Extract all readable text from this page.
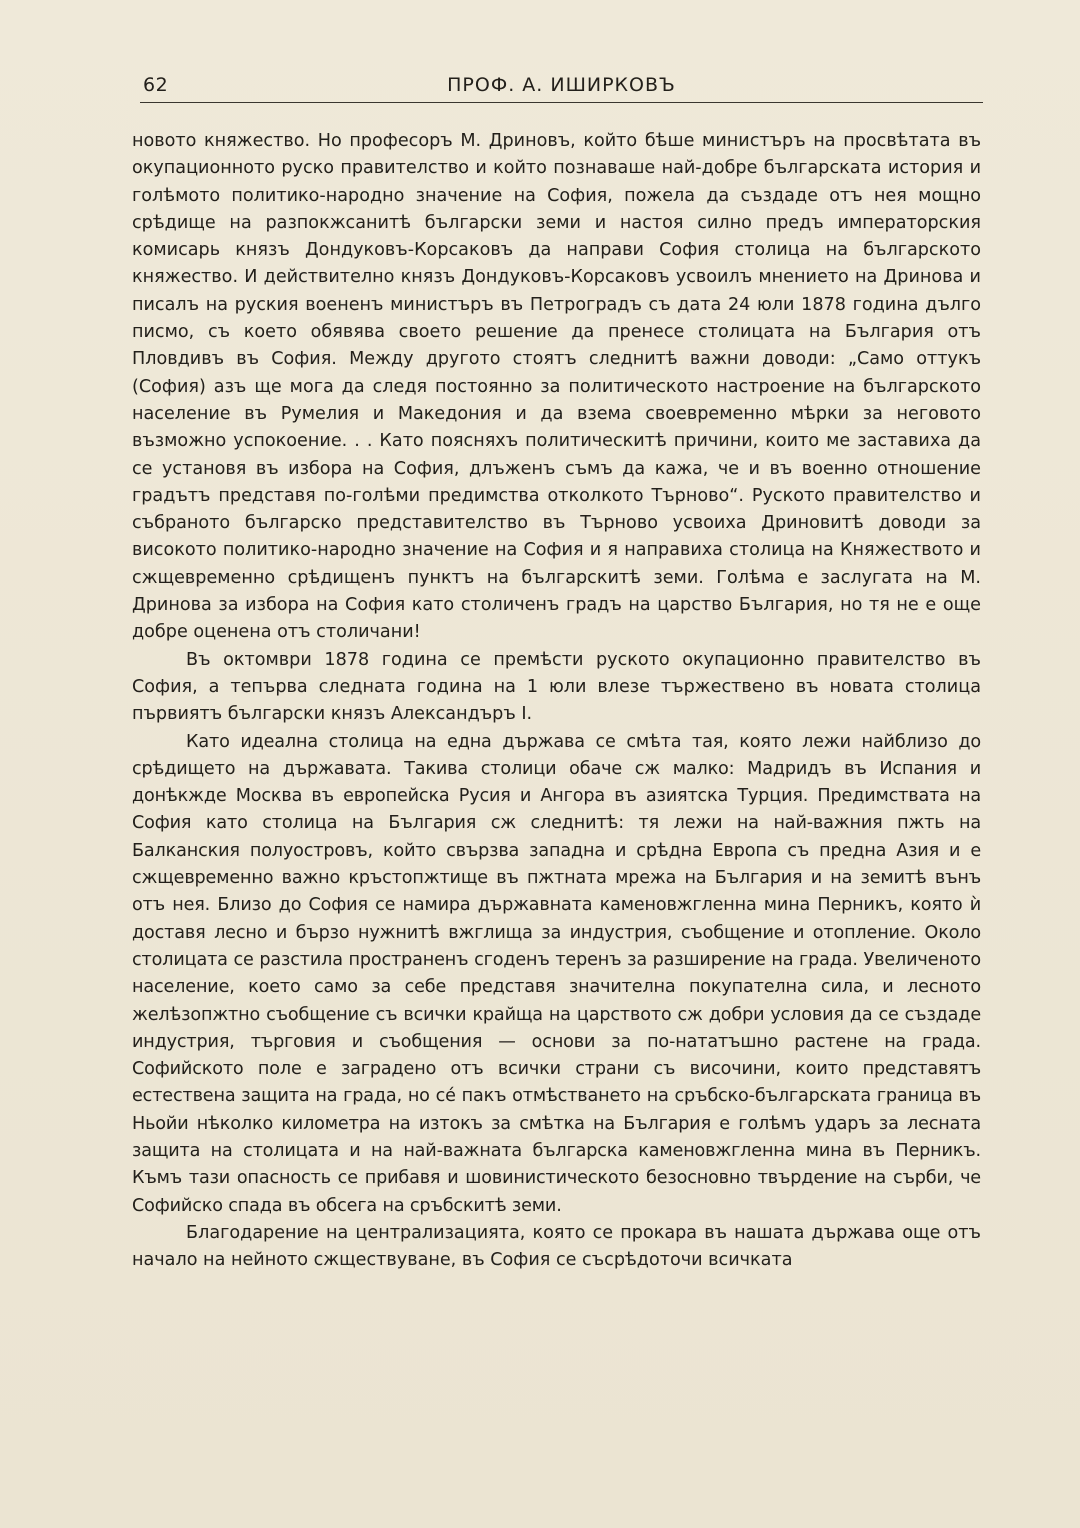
62	ПРОФ. А. ИШИРКОВЪ

новото княжество. Но професоръ М. Дриновъ, който бѣше министъръ на просвѣтата въ окупационното руско правителство и който познаваше най-добре българската история и голѣмото политико-народно значение на София, пожела да създаде отъ нея мощно срѣдище на разпокжсанитѣ български земи и настоя силно предъ императорския комисарь князъ Дондуковъ-Корсаковъ да направи София столица на българското княжество. И действително князъ Дондуковъ-Корсаковъ усвоилъ мнението на Дринова и писалъ на руския воененъ министъръ въ Петроградъ съ дата 24 юли 1878 година дълго писмо, съ което обявява своето решение да пренесе столицата на България отъ Пловдивъ въ София. Между другото стоятъ следнитѣ важни доводи: „Само оттукъ (София) азъ ще мога да следя постоянно за политическото настроение на българското население въ Румелия и Македония и да взема своевременно мѣрки за неговото възможно успокоение. . . Като поясняхъ политическитѣ причини, които ме заставиха да се установя въ избора на София, длъженъ съмъ да кажа, че и въ военно отношение градътъ представя по-голѣми предимства отколкото Търново“. Руското правителство и събраното българско представителство въ Търново усвоиха Дриновитѣ доводи за високото политико-народно значение на София и я направиха столица на Княжеството и сжщевременно срѣдищенъ пунктъ на българскитѣ земи. Голѣма е заслугата на М. Дринова за избора на София като столиченъ градъ на царство България, но тя не е още добре оценена отъ столичани!

Въ октомври 1878 година се премѣсти руското окупационно правителство въ София, а тепърва следната година на 1 юли влезе тържествено въ новата столица първиятъ български князъ Александъръ I.

Като идеална столица на една държава се смѣта тая, която лежи найблизо до срѣдището на държавата. Такива столици обаче сж малко: Мадридъ въ Испания и донѣкжде Москва въ европейска Русия и Ангора въ азиятска Турция. Предимствата на София като столица на България сж следнитѣ: тя лежи на най-важния пжть на Балканския полуостровъ, който свързва западна и срѣдна Европа съ предна Азия и е сжщевременно важно кръстопжтище въ пжтната мрежа на България и на земитѣ вънъ отъ нея. Близо до София се намира държавната каменовжгленна мина Перникъ, която ѝ доставя лесно и бързо нужнитѣ вжглища за индустрия, съобщение и отопление. Около столицата се разстила пространенъ сгоденъ теренъ за разширение на града. Увеличеното население, което само за себе представя значителна покупателна сила, и лесното желѣзопжтно съобщение съ всички крайща на царството сж добри условия да се създаде индустрия, търговия и съобщения — основи за по-нататъшно растене на града. Софийското поле е заградено отъ всички страни съ височини, които представятъ естествена защита на града, но се́ пакъ отмѣстването на сръбско-българската граница въ Ньойи нѣколко километра на изтокъ за смѣтка на България е голѣмъ ударъ за лесната защита на столицата и на най-важната българска каменовжгленна мина въ Перникъ. Къмъ тази опасность се прибавя и шовинистическото безосновно твърдение на сърби, че Софийско спада въ обсега на сръбскитѣ земи.

Благодарение на централизацията, която се прокара въ нашата държава още отъ начало на нейното сжществуване, въ София се съсрѣдоточи всичката
